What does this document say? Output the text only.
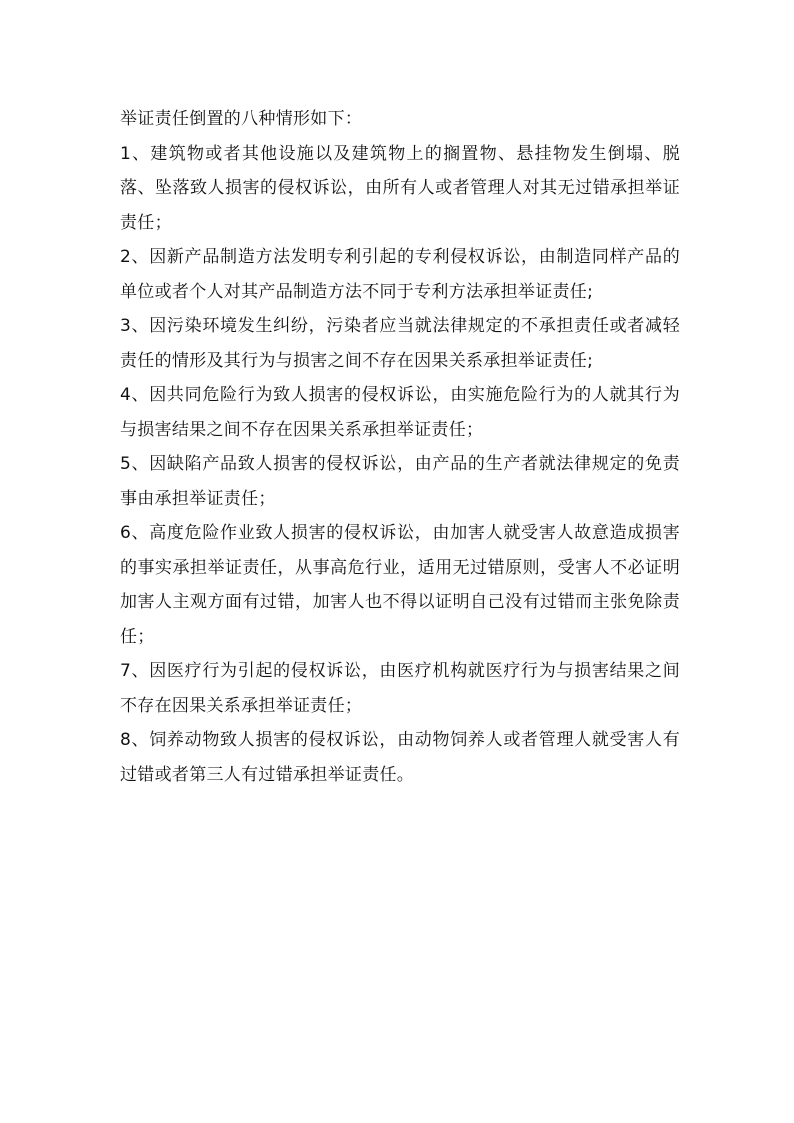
举证责任倒置的八种情形如下：

1、建筑物或者其他设施以及建筑物上的搁置物、悬挂物发生倒塌、脱落、坠落致人损害的侵权诉讼，由所有人或者管理人对其无过错承担举证责任；

2、因新产品制造方法发明专利引起的专利侵权诉讼，由制造同样产品的单位或者个人对其产品制造方法不同于专利方法承担举证责任;

3、因污染环境发生纠纷，污染者应当就法律规定的不承担责任或者减轻责任的情形及其行为与损害之间不存在因果关系承担举证责任;

4、因共同危险行为致人损害的侵权诉讼，由实施危险行为的人就其行为与损害结果之间不存在因果关系承担举证责任；

5、因缺陷产品致人损害的侵权诉讼，由产品的生产者就法律规定的免责事由承担举证责任；

6、高度危险作业致人损害的侵权诉讼，由加害人就受害人故意造成损害的事实承担举证责任，从事高危行业，适用无过错原则，受害人不必证明加害人主观方面有过错，加害人也不得以证明自己没有过错而主张免除责任；

7、因医疗行为引起的侵权诉讼，由医疗机构就医疗行为与损害结果之间不存在因果关系承担举证责任；

8、饲养动物致人损害的侵权诉讼，由动物饲养人或者管理人就受害人有过错或者第三人有过错承担举证责任。
